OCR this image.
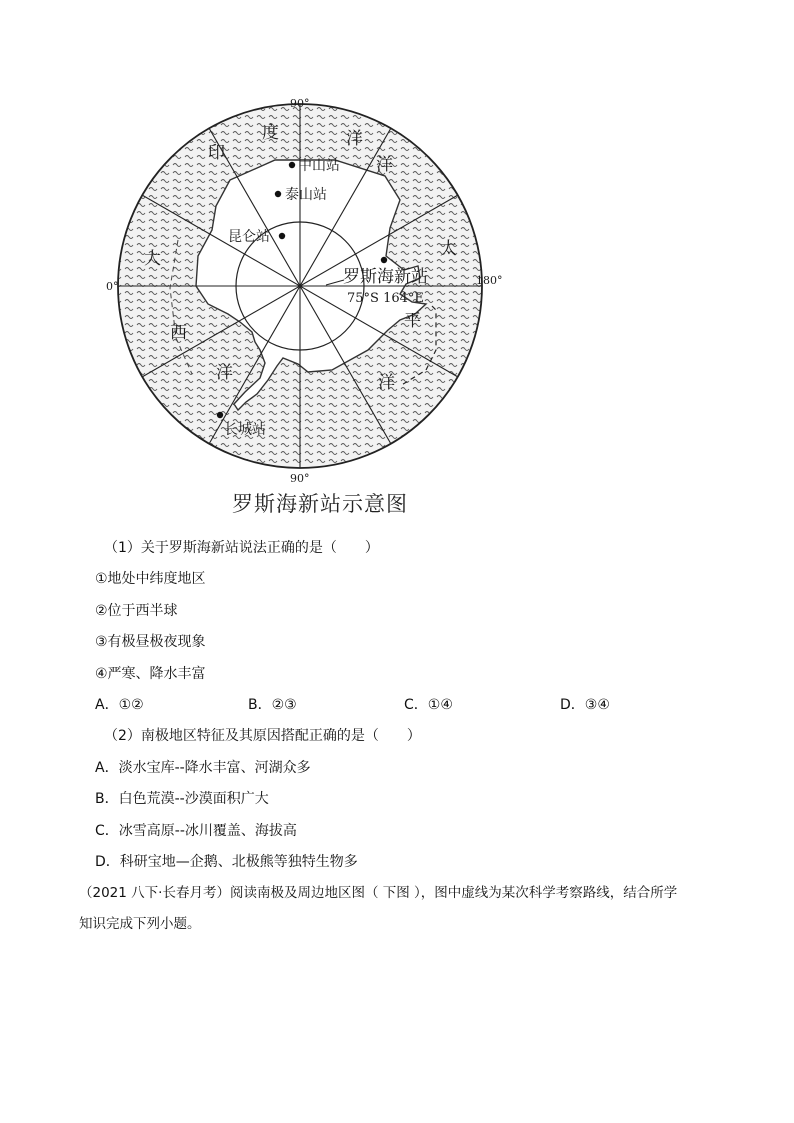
90°
0°	180°
90°
印
度	洋
大
西
洋
洋
太
平
洋
中山站
泰山站
昆仑站
罗斯海新站
75°S 164°E
长城站
罗斯海新站示意图
（1）关于罗斯海新站说法正确的是（　　）
①地处中纬度地区
②位于西半球
③有极昼极夜现象
④严寒、降水丰富
A．①②	B．②③	C．①④	D．③④
（2）南极地区特征及其原因搭配正确的是（　　）
A．淡水宝库--降水丰富、河湖众多
B．白色荒漠--沙漠面积广大
C．冰雪高原--冰川覆盖、海拔高
D．科研宝地—企鹅、北极熊等独特生物多
（2021 八下·长春月考）阅读南极及周边地区图（ 下图 ），图中虚线为某次科学考察路线，结合所学
知识完成下列小题。
